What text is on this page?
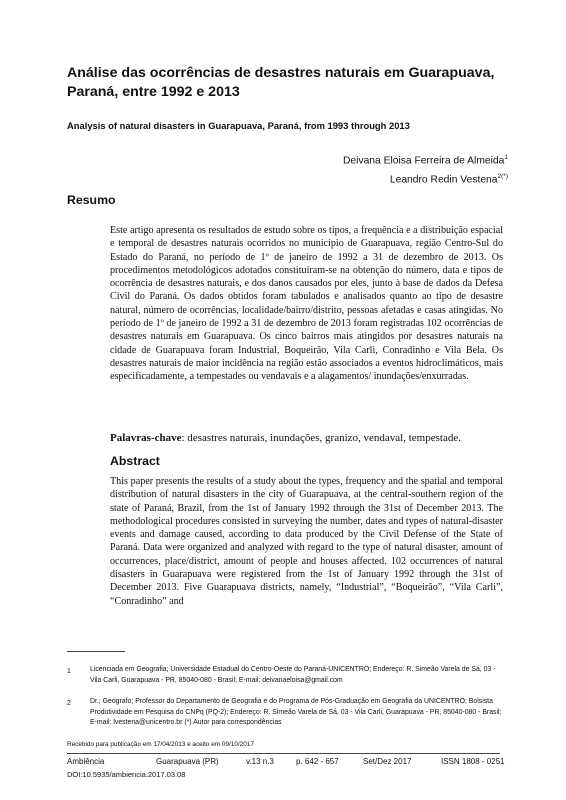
Análise das ocorrências de desastres naturais em Guarapuava, Paraná, entre 1992 e 2013
Analysis of natural disasters in Guarapuava, Paraná, from 1993 through 2013
Deivana Eloisa Ferreira de Almeida$^1$
Leandro Redin Vestena$^{2(*)}$
Resumo
Este artigo apresenta os resultados de estudo sobre os tipos, a frequência e a distribuição espacial e temporal de desastres naturais ocorridos no município de Guarapuava, região Centro-Sul do Estado do Paraná, no período de 1º de janeiro de 1992 a 31 de dezembro de 2013. Os procedimentos metodológicos adotados constituíram-se na obtenção do número, data e tipos de ocorrência de desastres naturais, e dos danos causados por eles, junto à base de dados da Defesa Civil do Paraná. Os dados obtidos foram tabulados e analisados quanto ao tipo de desastre natural, número de ocorrências, localidade/bairro/distrito, pessoas afetadas e casas atingidas. No período de 1º de janeiro de 1992 a 31 de dezembro de 2013 foram registradas 102 ocorrências de desastres naturais em Guarapuava. Os cinco bairros mais atingidos por desastres naturais na cidade de Guarapuava foram Industrial, Boqueirão, Vila Carli, Conradinho e Vila Bela. Os desastres naturais de maior incidência na região estão associados a eventos hidroclimáticos, mais especificadamente, a tempestades ou vendavais e a alagamentos/ inundações/enxurradas.
Palavras-chave: desastres naturais, inundações, granizo, vendaval, tempestade.
Abstract
This paper presents the results of a study about the types, frequency and the spatial and temporal distribution of natural disasters in the city of Guarapuava, at the central-southern region of the state of Paraná, Brazil, from the 1st of January 1992 through the 31st of December 2013. The methodological procedures consisted in surveying the number, dates and types of natural-disaster events and damage caused, according to data produced by the Civil Defense of the State of Paraná. Data were organized and analyzed with regard to the type of natural disaster, amount of occurrences, place/district, amount of people and houses affected. 102 occurrences of natural disasters in Guarapuava were registered from the 1st of January 1992 through the 31st of December 2013. Five Guarapuava districts, namely, “Industrial”, “Boqueirão”, “Vila Carli”, “Conradinho” and
1	Licenciada em Geografia; Universidade Estadual do Centro-Oeste do Paraná-UNICENTRO; Endereço: R. Simeão Varela de Sá, 03 - Vila Carli, Guarapuava - PR, 85040-080 - Brasil; E-mail: deivanaeloisa@gmail.com
2	Dr.; Geógrafo; Professor do Departamento de Geografia e do Programa de Pós-Graduação em Geografia da UNICENTRO; Bolsista Produtividade em Pesquisa do CNPq (PQ-2); Endereço: R. Simeão Varela de Sá, 03 - Vila Carli, Guarapuava - PR, 85040-080 - Brasil; E-mail: lvestena@unicentro.br (*) Autor para correspondências
Recebido para publicação em 17/04/2013 e aceito em 09/10/2017
Ambiência	Guarapuava (PR)	v.13 n.3	p. 642 - 657	Set/Dez 2017	ISSN 1808 - 0251
DOI:10.5935/ambiencia.2017.03.08
